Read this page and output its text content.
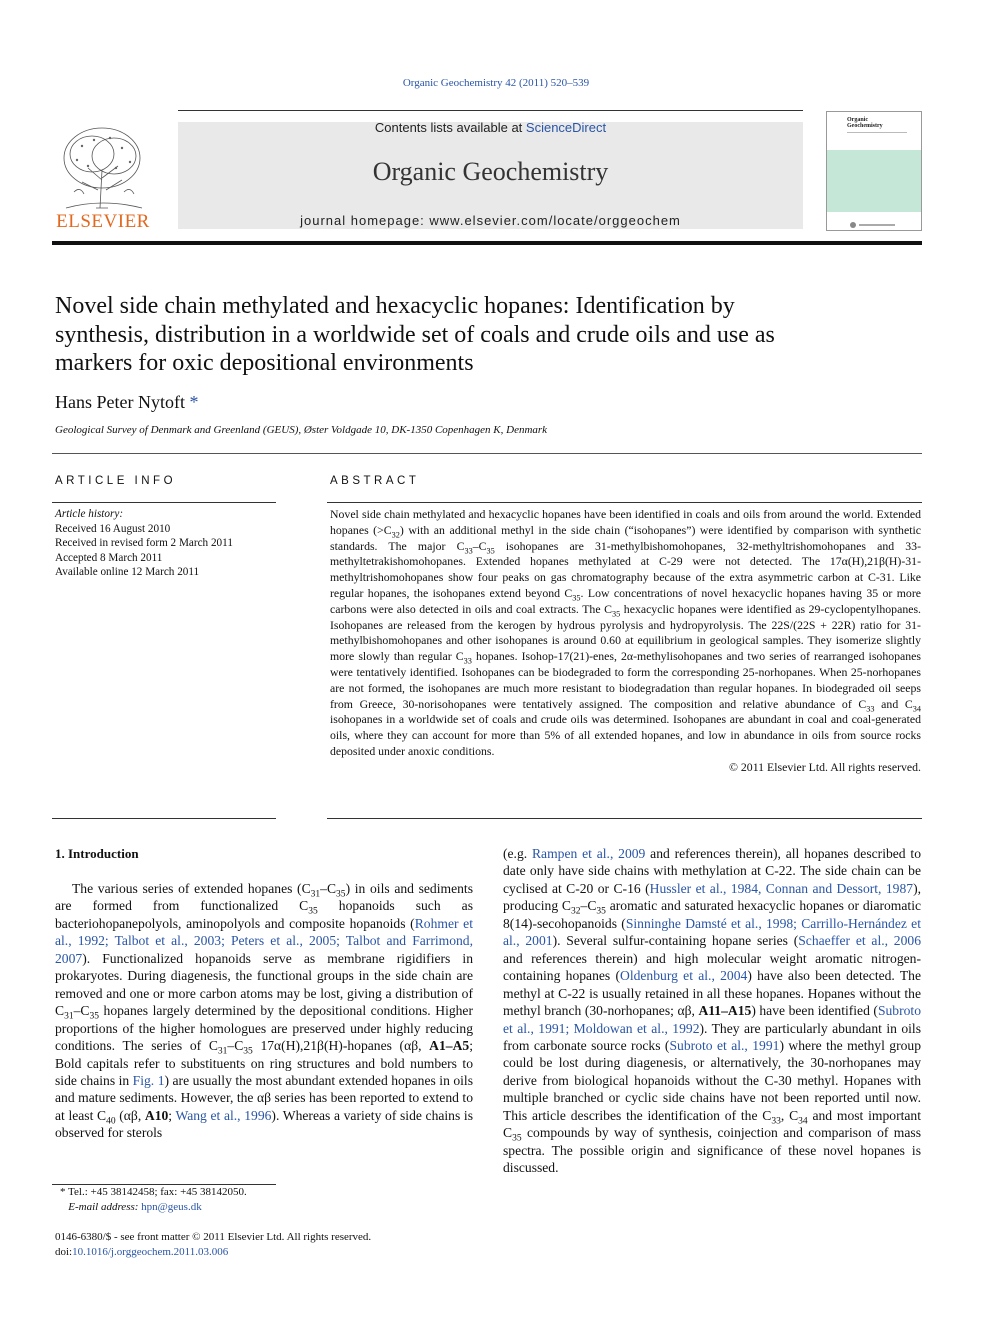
Organic Geochemistry 42 (2011) 520–539
ELSEVIER
Contents lists available at ScienceDirect
Organic Geochemistry
journal homepage: www.elsevier.com/locate/orggeochem
Organic
Geochemistry
Novel side chain methylated and hexacyclic hopanes: Identification by synthesis, distribution in a worldwide set of coals and crude oils and use as markers for oxic depositional environments
Hans Peter Nytoft *
Geological Survey of Denmark and Greenland (GEUS), Øster Voldgade 10, DK-1350 Copenhagen K, Denmark
ARTICLE INFO	ABSTRACT
Article history:
Received 16 August 2010
Received in revised form 2 March 2011
Accepted 8 March 2011
Available online 12 March 2011
Novel side chain methylated and hexacyclic hopanes have been identified in coals and oils from around the world. Extended hopanes $(>C_{32})$ with an additional methyl in the side chain (“isohopanes”) were identified by comparison with synthetic standards. The major $C_{33}-C_{35}$ isohopanes are 31-methylbishomohopanes, 32-methyltrishomohopanes and 33-methyltetrakishomohopanes. Extended hopanes methylated at C-29 were not detected. The 17α(H),21β(H)-31-methyltrishomohopanes show four peaks on gas chromatography because of the extra asymmetric carbon at C-31. Like regular hopanes, the isohopanes extend beyond $C_{35}$. Low concentrations of novel hexacyclic hopanes having 35 or more carbons were also detected in oils and coal extracts. The $C_{35}$ hexacyclic hopanes were identified as 29-cyclopentylhopanes. Isohopanes are released from the kerogen by hydrous pyrolysis and hydropyrolysis. The 22S/(22S + 22R) ratio for 31-methylbishomohopanes and other isohopanes is around 0.60 at equilibrium in geological samples. They isomerize slightly more slowly than regular $C_{33}$ hopanes. Isohop-17(21)-enes, 2α-methylisohopanes and two series of rearranged isohopanes were tentatively identified. Isohopanes can be biodegraded to form the corresponding 25-norhopanes. When 25-norhopanes are not formed, the isohopanes are much more resistant to biodegradation than regular hopanes. In biodegraded oil seeps from Greece, 30-norisohopanes were tentatively assigned. The composition and relative abundance of $C_{33}$ and $C_{34}$ isohopanes in a worldwide set of coals and crude oils was determined. Isohopanes are abundant in coal and coal-generated oils, where they can account for more than 5% of all extended hopanes, and low in abundance in oils from source rocks deposited under anoxic conditions.
© 2011 Elsevier Ltd. All rights reserved.
1. Introduction

The various series of extended hopanes $(C_{31}-C_{35})$ in oils and sediments are formed from functionalized $C_{35}$ hopanoids such as bacteriohopanepolyols, aminopolyols and composite hopanoids (Rohmer et al., 1992; Talbot et al., 2003; Peters et al., 2005; Talbot and Farrimond, 2007). Functionalized hopanoids serve as membrane rigidifiers in prokaryotes. During diagenesis, the functional groups in the side chain are removed and one or more carbon atoms may be lost, giving a distribution of $C_{31}-C_{35}$ hopanes largely determined by the depositional conditions. Higher proportions of the higher homologues are preserved under highly reducing conditions. The series of $C_{31}-C_{35}$ 17α(H),21β(H)-hopanes (αβ, A1–A5; Bold capitals refer to substituents on ring structures and bold numbers to side chains in Fig. 1) are usually the most abundant extended hopanes in oils and mature sediments. However, the αβ series has been reported to extend to at least $C_{40}$ (αβ, A10; Wang et al., 1996). Whereas a variety of side chains is observed for sterols

(e.g. Rampen et al., 2009 and references therein), all hopanes described to date only have side chains with methylation at C-22. The side chain can be cyclised at C-20 or C-16 (Hussler et al., 1984, Connan and Dessort, 1987), producing $C_{32}-C_{35}$ aromatic and saturated hexacyclic hopanes or diaromatic 8(14)-secohopanoids (Sinninghe Damsté et al., 1998; Carrillo-Hernández et al., 2001). Several sulfur-containing hopane series (Schaeffer et al., 2006 and references therein) and high molecular weight aromatic nitrogen-containing hopanes (Oldenburg et al., 2004) have also been detected. The methyl at C-22 is usually retained in all these hopanes. Hopanes without the methyl branch (30-norhopanes; αβ, A11–A15) have been identified (Subroto et al., 1991; Moldowan et al., 1992). They are particularly abundant in oils from carbonate source rocks (Subroto et al., 1991) where the methyl group could be lost during diagenesis, or alternatively, the 30-norhopanes may derive from biological hopanoids without the C-30 methyl. Hopanes with multiple branched or cyclic side chains have not been reported until now. This article describes the identification of the $C_{33}$, $C_{34}$ and most important $C_{35}$ compounds by way of synthesis, coinjection and comparison of mass spectra. The possible origin and significance of these novel hopanes is discussed.

* Tel.: +45 38142458; fax: +45 38142050.
E-mail address: hpn@geus.dk
0146-6380/$ - see front matter © 2011 Elsevier Ltd. All rights reserved.
doi:10.1016/j.orggeochem.2011.03.006
